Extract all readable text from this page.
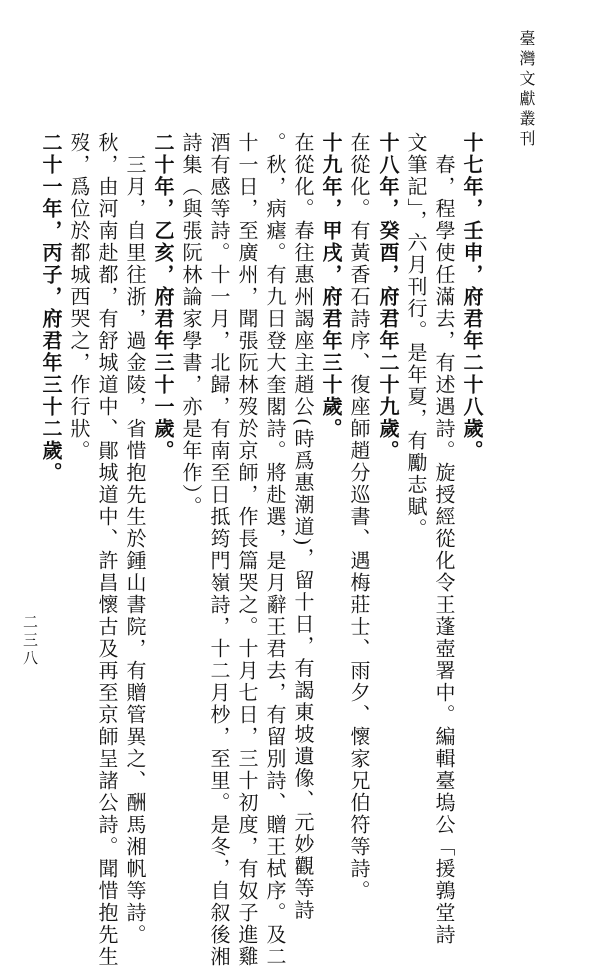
臺灣文獻叢刊
二三八
十七年，壬申，府君年二十八歲。
春，程學使任滿去，有述遇詩。旋授經從化令王蓬壺署中。編輯臺塢公「援鶉堂詩
文筆記」，六月刊行。是年夏，有勵志賦。
十八年，癸酉，府君年二十九歲。
在從化。有黃香石詩序、復座師趙分巡書、遇梅莊士、雨夕、懷家兄伯符等詩。
十九年，甲戌，府君年三十歲。
在從化。春往惠州謁座主趙公(時爲惠潮道)，留十日，有謁東坡遺像、元妙觀等詩
。秋，病瘧。有九日登大奎閣詩。將赴選，是月辭王君去，有留別詩、贈王栻序。及二
十一日，至廣州，聞張阮林歿於京師，作長篇哭之。十月七日，三十初度，有奴子進雞
酒有感等詩。十一月，北歸，有南至日抵筠門嶺詩，十二月杪，至里。是冬，自叙後湘
詩集（與張阮林論家學書，亦是年作）。
二十年，乙亥，府君年三十一歲。
三月，自里往浙，過金陵，省惜抱先生於鍾山書院，有贈管異之、酬馬湘帆等詩。
秋，由河南赴都，有舒城道中、鄖城道中、許昌懷古及再至京師呈諸公詩。聞惜抱先生
歿，爲位於都城西哭之，作行狀。
二十一年，丙子，府君年三十二歲。
